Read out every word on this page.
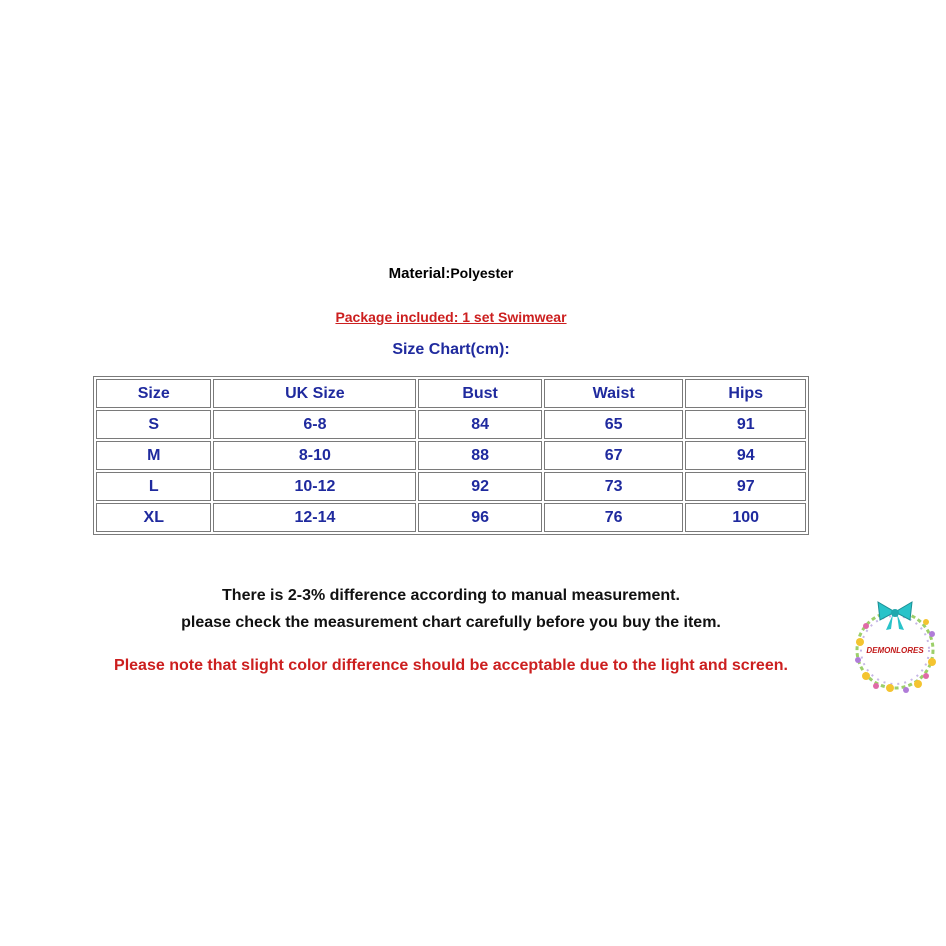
Material:Polyester
Package included: 1 set Swimwear
Size Chart(cm):
Size	UK Size	Bust	Waist	Hips
S	6-8	84	65	91
M	8-10	88	67	94
L	10-12	92	73	97
XL	12-14	96	76	100
There is 2-3% difference according to manual measurement.
please check the measurement chart carefully before you buy the item.
Please note that slight color difference should be acceptable due to the light and screen.
DEMONLORES
